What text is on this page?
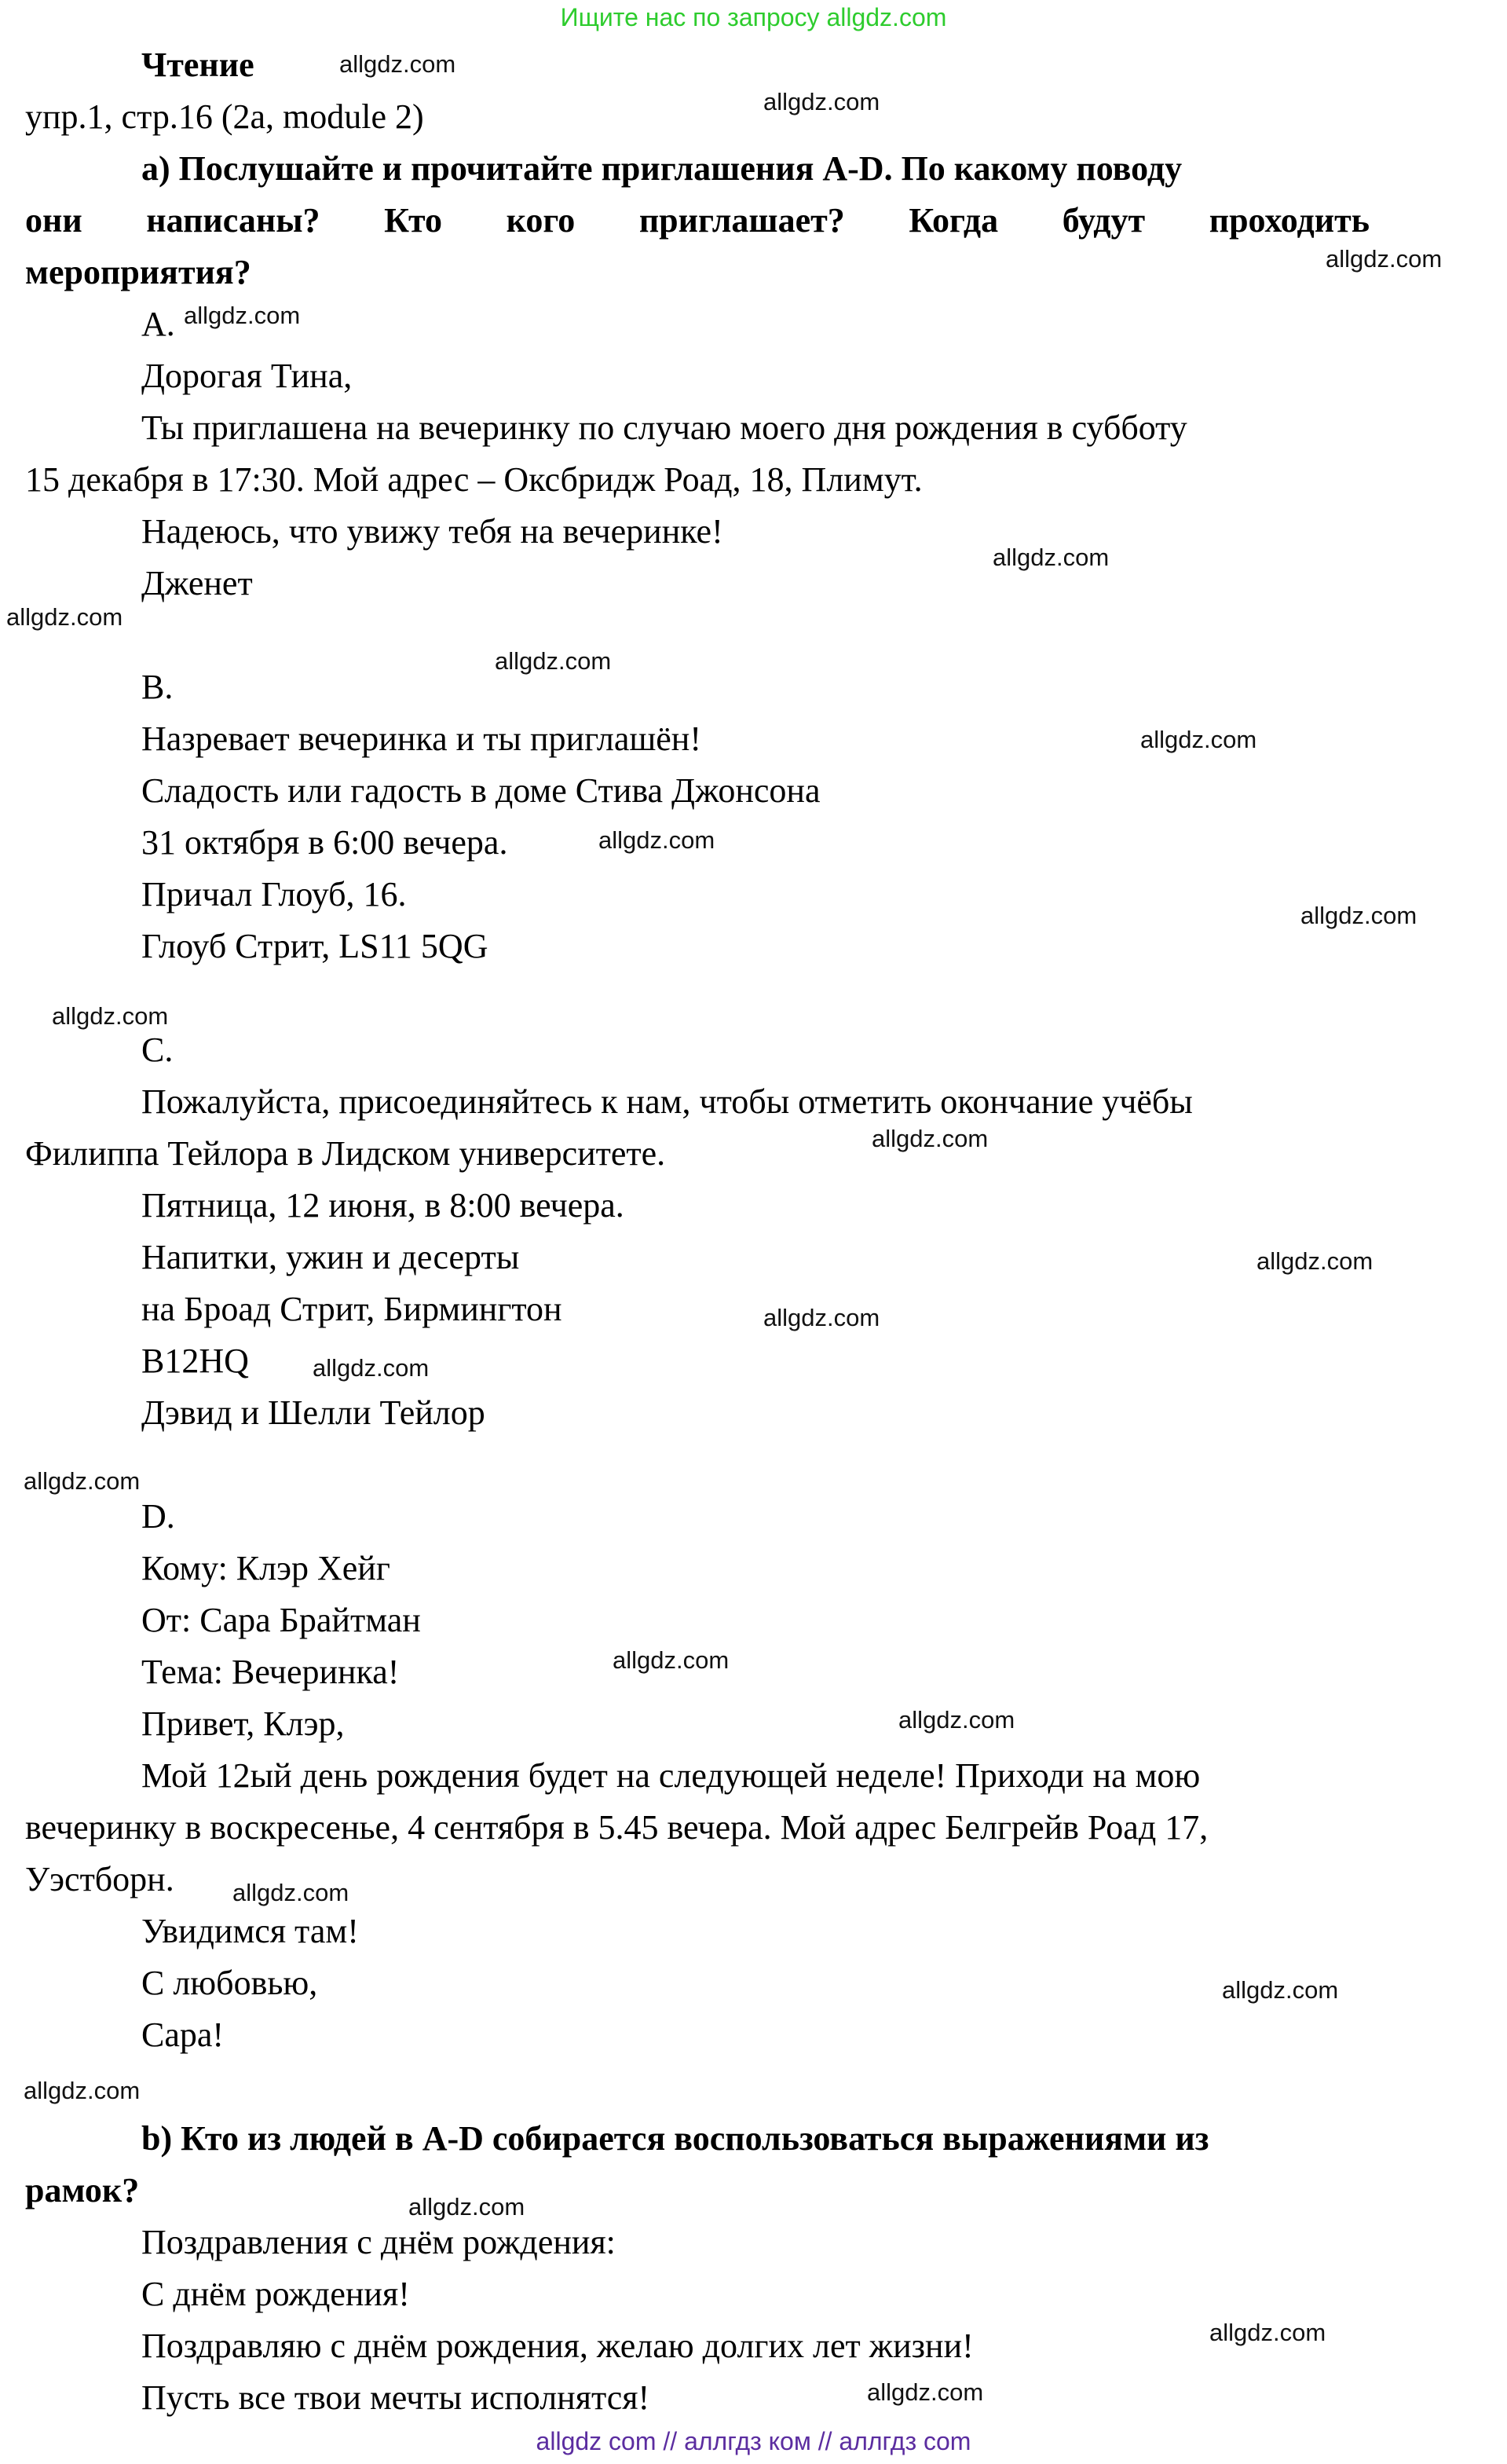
Ищите нас по запросу allgdz.com
Чтение
упр.1, стр.16 (2a, module 2)
a) Послушайте и прочитайте приглашения A-D. По какому поводу
они написаны? Кто кого приглашает? Когда будут проходить
мероприятия?
A.
Дорогая Тина,
Ты приглашена на вечеринку по случаю моего дня рождения в субботу
15 декабря в 17:30. Мой адрес – Оксбридж Роад, 18, Плимут.
Надеюсь, что увижу тебя на вечеринке!
Дженет
B.
Назревает вечеринка и ты приглашён!
Сладость или гадость в доме Стива Джонсона
31 октября в 6:00 вечера.
Причал Глоуб, 16.
Глоуб Стрит, LS11 5QG
C.
Пожалуйста, присоединяйтесь к нам, чтобы отметить окончание учёбы
Филиппа Тейлора в Лидском университете.
Пятница, 12 июня, в 8:00 вечера.
Напитки, ужин и десерты
на Броад Стрит, Бирмингтон
B12HQ
Дэвид и Шелли Тейлор
D.
Кому: Клэр Хейг
От: Сара Брайтман
Тема: Вечеринка!
Привет, Клэр,
Мой 12ый день рождения будет на следующей неделе! Приходи на мою
вечеринку в воскресенье, 4 сентября в 5.45 вечера. Мой адрес Белгрейв Роад 17,
Уэстборн.
Увидимся там!
С любовью,
Сара!
b) Кто из людей в A-D собирается воспользоваться выражениями из
рамок?
Поздравления с днём рождения:
С днём рождения!
Поздравляю с днём рождения, желаю долгих лет жизни!
Пусть все твои мечты исполнятся!
allgdz.com
allgdz.com
allgdz.com
allgdz.com
allgdz.com
allgdz.com
allgdz.com
allgdz.com
allgdz.com
allgdz.com
allgdz.com
allgdz.com
allgdz.com
allgdz.com
allgdz.com
allgdz.com
allgdz.com
allgdz.com
allgdz.com
allgdz.com
allgdz.com
allgdz.com
allgdz.com
allgdz.com
allgdz com // аллгдз ком // аллгдз com
